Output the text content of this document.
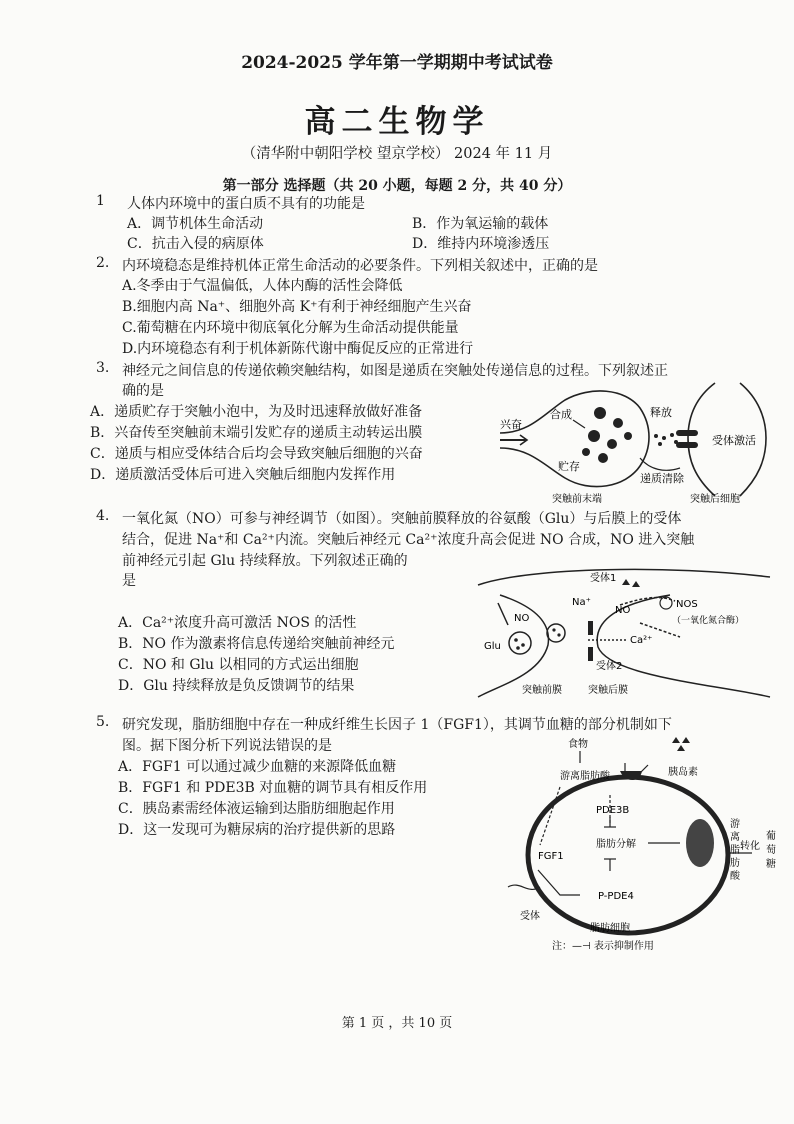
2024-2025 学年第一学期期中考试试卷
高二生物学
（清华附中朝阳学校 望京学校） 2024 年 11 月
第一部分 选择题（共 20 小题，每题 2 分，共 40 分）
1 人体内环境中的蛋白质不具有的功能是
A．调节机体生命活动	B．作为氧运输的载体
C．抗击入侵的病原体	D．维持内环境渗透压
2. 内环境稳态是维持机体正常生命活动的必要条件。下列相关叙述中，正确的是
A.冬季由于气温偏低，人体内酶的活性会降低
B.细胞内高 Na⁺、细胞外高 K⁺有利于神经细胞产生兴奋
C.葡萄糖在内环境中彻底氧化分解为生命活动提供能量
D.内环境稳态有利于机体新陈代谢中酶促反应的正常进行
3. 神经元之间信息的传递依赖突触结构，如图是递质在突触处传递信息的过程。下列叙述正
确的是
A．递质贮存于突触小泡中，为及时迅速释放做好准备
B．兴奋传至突触前末端引发贮存的递质主动转运出膜
C．递质与相应受体结合后均会导致突触后细胞的兴奋
D．递质激活受体后可进入突触后细胞内发挥作用
兴奋
合成
贮存
释放
受体激活
递质清除
突触前末端	突触后细胞
4. 一氧化氮（NO）可参与神经调节（如图）。突触前膜释放的谷氨酸（Glu）与后膜上的受体
结合，促进 Na⁺和 Ca²⁺内流。突触后神经元 Ca²⁺浓度升高会促进 NO 合成，NO 进入突触
前神经元引起 Glu 持续释放。下列叙述正确的
是
A．Ca²⁺浓度升高可激活 NOS 的活性
B．NO 作为激素将信息传递给突触前神经元
C．NO 和 Glu 以相同的方式运出细胞
D．Glu 持续释放是负反馈调节的结果
受体1
Na⁺
NO
NOS
（一氧化氮合酶）
NO
Glu
Ca²⁺
受体2
突触前膜	突触后膜
5. 研究发现，脂肪细胞中存在一种成纤维生长因子 1（FGF1），其调节血糖的部分机制如下
图。据下图分析下列说法错误的是
A．FGF1 可以通过减少血糖的来源降低血糖
B．FGF1 和 PDE3B 对血糖的调节具有相反作用
C．胰岛素需经体液运输到达脂肪细胞起作用
D．这一发现可为糖尿病的治疗提供新的思路
食物
游离脂肪酸	胰岛素
PDE3B
FGF1
脂肪分解
P-PDE4
受体
脂肪细胞
注：—⊣ 表示抑制作用
游
离
脂
肪
酸
转化
葡
萄
糖
第 1 页 ，共 10 页
